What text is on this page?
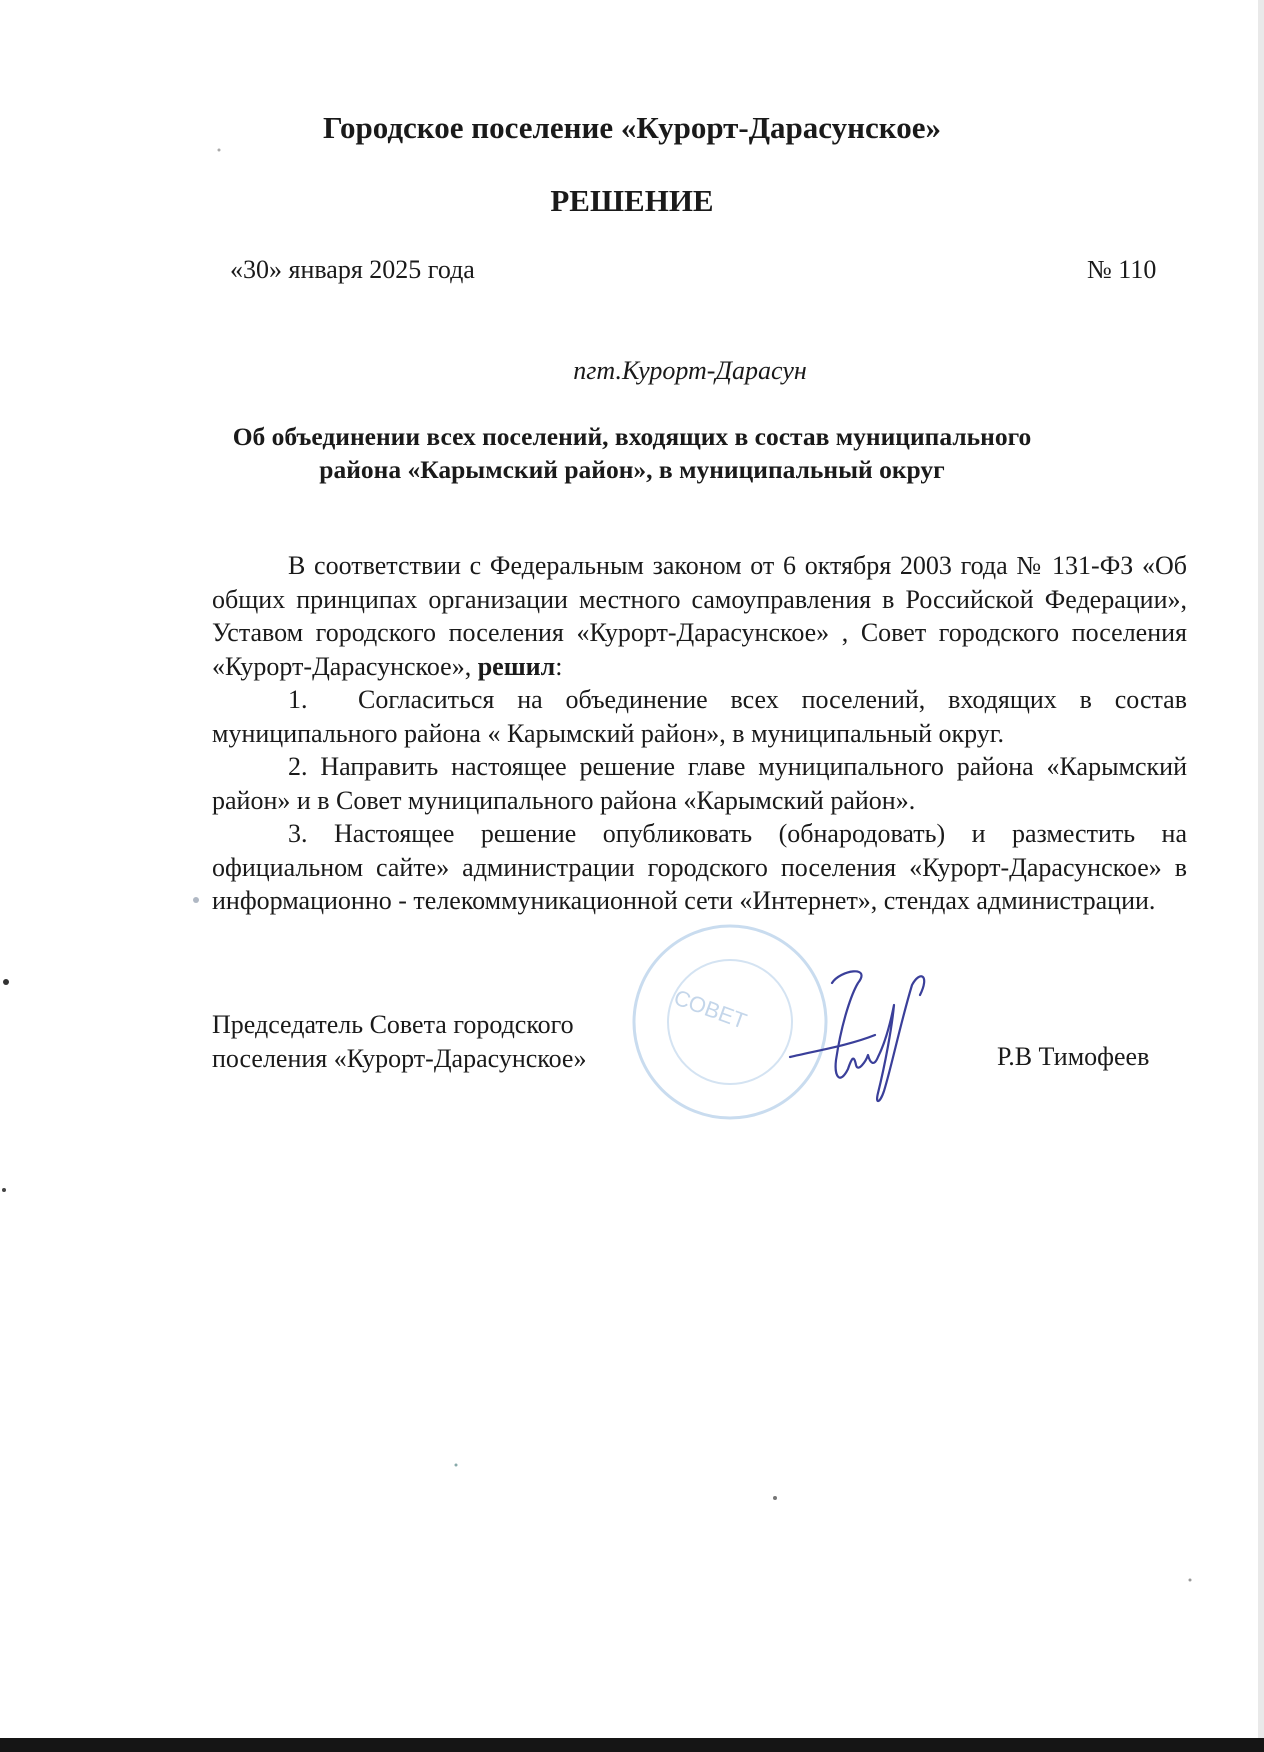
Городское поселение «Курорт-Дарасунское»
РЕШЕНИЕ
«30» января 2025 года	№ 110
пгт.Курорт-Дарасун
Об объединении всех поселений, входящих в состав муниципального района «Карымский район», в муниципальный округ

В соответствии с Федеральным законом от 6 октября 2003 года № 131-ФЗ «Об общих принципах организации местного самоуправления в Российской Федерации», Уставом городского поселения «Курорт-Дарасунское» , Совет городского поселения «Курорт-Дарасунское», решил:

1. Согласиться на объединение всех поселений, входящих в состав муниципального района « Карымский район», в муниципальный округ.

2. Направить настоящее решение главе муниципального района «Карымский район» и в Совет муниципального района «Карымский район».

3. Настоящее решение опубликовать (обнародовать) и разместить на официальном сайте» администрации городского поселения «Курорт-Дарасунское» в информационно - телекоммуникационной сети «Интернет», стендах администрации.

Председатель Совета городского
поселения «Курорт-Дарасунское»
СОВЕТ
Р.В Тимофеев
